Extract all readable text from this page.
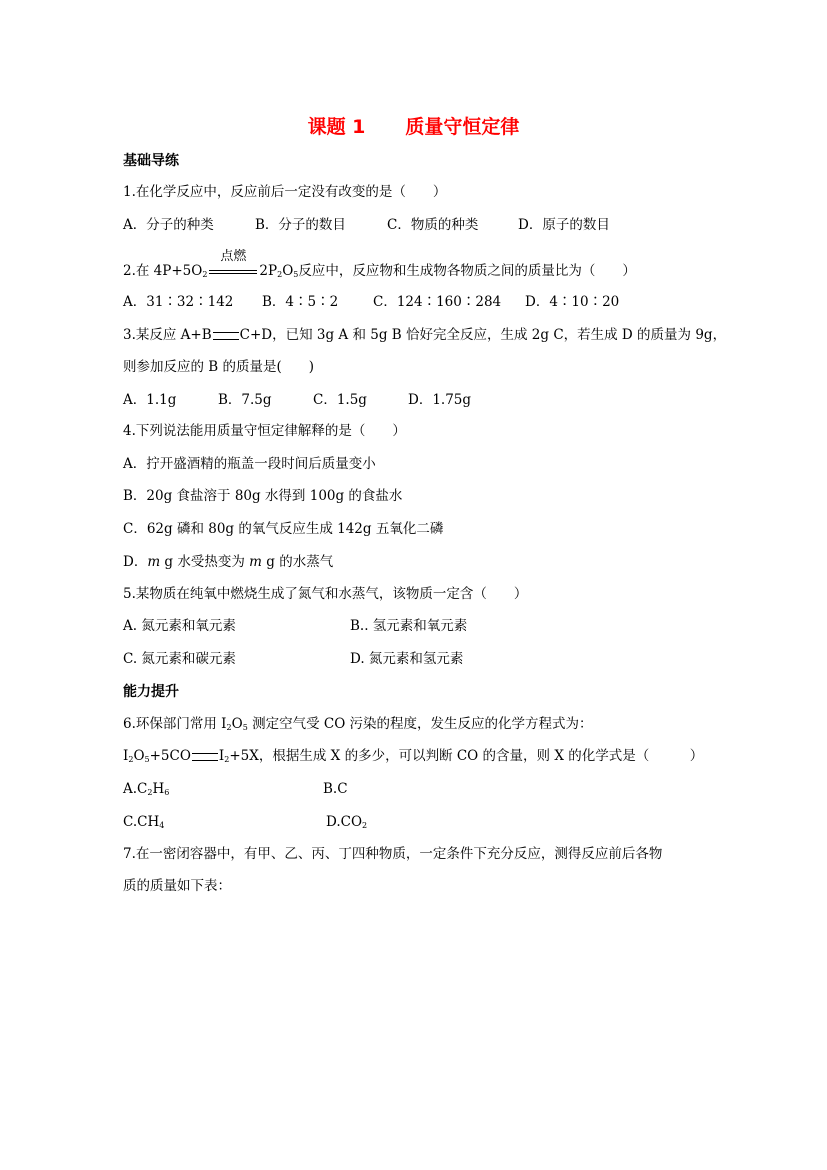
课题 1 质量守恒定律
基础导练
1.在化学反应中，反应前后一定没有改变的是（　　）
A．分子的种类	B．分子的数目	C．物质的种类	D．原子的数目
2.在 $4P+5O_2$
点燃
$2P_2O_5$反应中，反应物和生成物各物质之间的质量比为（　　）
A．31∶32∶142 B．4∶5∶2	C．124∶160∶284 D．4∶10∶20
3.某反应 A+B C+D，已知 3g A 和 5g B 恰好完全反应，生成 2g C，若生成 D 的质量为 9g，
则参加反应的 B 的质量是(　　)
A．1.1g	B．7.5g	C．1.5g	D．1.75g
4.下列说法能用质量守恒定律解释的是（　　）
A．拧开盛酒精的瓶盖一段时间后质量变小
B．20g 食盐溶于 80g 水得到 100g 的食盐水
C．62g 磷和 80g 的氧气反应生成 142g 五氧化二磷
D．m g 水受热变为 m g 的水蒸气
5.某物质在纯氧中燃烧生成了氮气和水蒸气，该物质一定含（　　）
A. 氮元素和氧元素	B.. 氢元素和氧元素
C. 氮元素和碳元素	D. 氮元素和氢元素
能力提升
6.环保部门常用 $I_2O_5$ 测定空气受 CO 污染的程度，发生反应的化学方程式为：
$I_2O_5+5CO$ $I_2+5X$，根据生成 X 的多少，可以判断 CO 的含量，则 X 的化学式是（　　　）
$A.C_2H_6$	B.C
$C.CH_4$	$D.CO_2$
7.在一密闭容器中，有甲、乙、丙、丁四种物质，一定条件下充分反应，测得反应前后各物
质的质量如下表：
